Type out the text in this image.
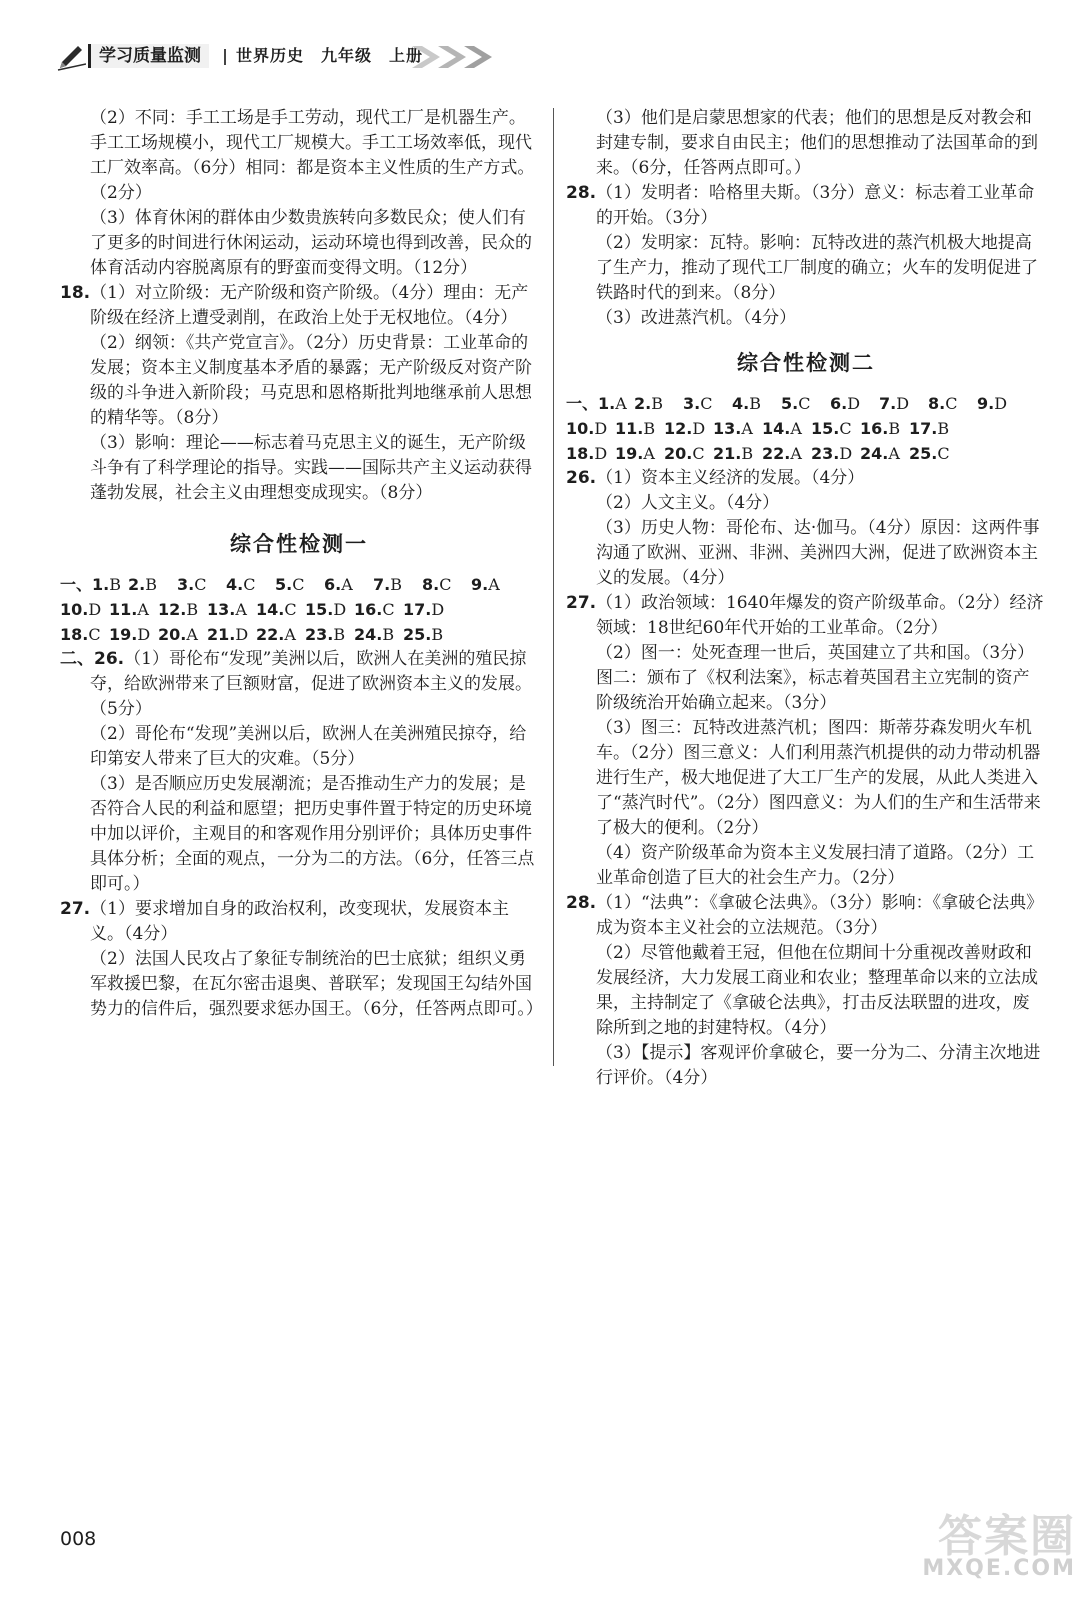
学习质量监测	世界历史　九年级　上册

（2）不同：手工工场是手工劳动，现代工厂是机器生产。

手工工场规模小，现代工厂规模大。手工工场效率低，现代工厂效率高。（6分）相同：都是资本主义性质的生产方式。（2分）

（3）体育休闲的群体由少数贵族转向多数民众；使人们有了更多的时间进行休闲运动，运动环境也得到改善，民众的体育活动内容脱离原有的野蛮而变得文明。（12分）

18.（1）对立阶级：无产阶级和资产阶级。（4分）理由：无产阶级在经济上遭受剥削，在政治上处于无权地位。（4分）

（2）纲领：《共产党宣言》。（2分）历史背景：工业革命的发展；资本主义制度基本矛盾的暴露；无产阶级反对资产阶级的斗争进入新阶段；马克思和恩格斯批判地继承前人思想的精华等。（8分）

（3）影响：理论——标志着马克思主义的诞生，无产阶级斗争有了科学理论的指导。实践——国际共产主义运动获得蓬勃发展，社会主义由理想变成现实。（8分）

综合性检测一
一、1.B 2.B 3.C 4.C 5.C 6.A 7.B 8.C 9.A
10.D 11.A 12.B 13.A 14.C 15.D 16.C 17.D
18.C 19.D 20.A 21.D 22.A 23.B 24.B 25.B

二、26.（1）哥伦布“发现”美洲以后，欧洲人在美洲的殖民掠夺，给欧洲带来了巨额财富，促进了欧洲资本主义的发展。（5分）

（2）哥伦布“发现”美洲以后，欧洲人在美洲殖民掠夺，给印第安人带来了巨大的灾难。（5分）

（3）是否顺应历史发展潮流；是否推动生产力的发展；是否符合人民的利益和愿望；把历史事件置于特定的历史环境中加以评价，主观目的和客观作用分别评价；具体历史事件具体分析；全面的观点，一分为二的方法。（6分，任答三点即可。）

27.（1）要求增加自身的政治权利，改变现状，发展资本主义。（4分）

（2）法国人民攻占了象征专制统治的巴士底狱；组织义勇军救援巴黎，在瓦尔密击退奥、普联军；发现国王勾结外国势力的信件后，强烈要求惩办国王。（6分，任答两点即可。）

（3）他们是启蒙思想家的代表；他们的思想是反对教会和封建专制，要求自由民主；他们的思想推动了法国革命的到来。（6分，任答两点即可。）

28.（1）发明者：哈格里夫斯。（3分）意义：标志着工业革命的开始。（3分）

（2）发明家：瓦特。影响：瓦特改进的蒸汽机极大地提高了生产力，推动了现代工厂制度的确立；火车的发明促进了铁路时代的到来。（8分）

（3）改进蒸汽机。（4分）

综合性检测二
一、1.A 2.B 3.C 4.B 5.C 6.D 7.D 8.C 9.D
10.D 11.B 12.D 13.A 14.A 15.C 16.B 17.B
18.D 19.A 20.C 21.B 22.A 23.D 24.A 25.C

26.（1）资本主义经济的发展。（4分）

（2）人文主义。（4分）

（3）历史人物：哥伦布、达·伽马。（4分）原因：这两件事沟通了欧洲、亚洲、非洲、美洲四大洲，促进了欧洲资本主义的发展。（4分）

27.（1）政治领域：1640年爆发的资产阶级革命。（2分）经济领域：18世纪60年代开始的工业革命。（2分）

（2）图一：处死查理一世后，英国建立了共和国。（3分）图二：颁布了《权利法案》，标志着英国君主立宪制的资产阶级统治开始确立起来。（3分）

（3）图三：瓦特改进蒸汽机；图四：斯蒂芬森发明火车机车。（2分）图三意义：人们利用蒸汽机提供的动力带动机器进行生产，极大地促进了大工厂生产的发展，从此人类进入了“蒸汽时代”。（2分）图四意义：为人们的生产和生活带来了极大的便利。（2分）

（4）资产阶级革命为资本主义发展扫清了道路。（2分）工业革命创造了巨大的社会生产力。（2分）

28.（1）“法典”：《拿破仑法典》。（3分）影响：《拿破仑法典》成为资本主义社会的立法规范。（3分）

（2）尽管他戴着王冠，但他在位期间十分重视改善财政和发展经济，大力发展工商业和农业；整理革命以来的立法成果，主持制定了《拿破仑法典》，打击反法联盟的进攻，废除所到之地的封建特权。（4分）

（3）【提示】客观评价拿破仑，要一分为二、分清主次地进行评价。（4分）

008	答案圈
MXQE.COM
